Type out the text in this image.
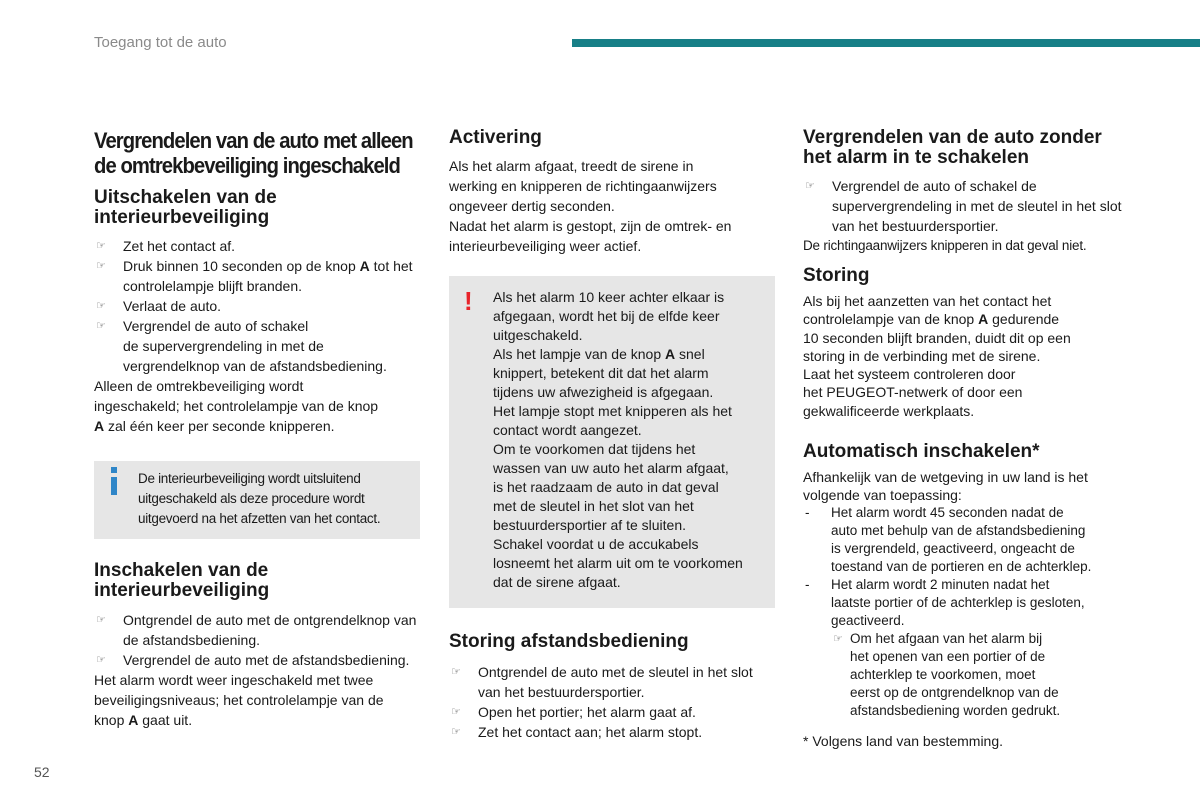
Toegang tot de auto
Vergrendelen van de auto met alleen
de omtrekbeveiliging ingeschakeld
Uitschakelen van de
interieurbeveiliging
☞ Zet het contact af.
☞ Druk binnen 10 seconden op de knop A tot het controlelampje blijft branden.
☞ Verlaat de auto.
☞ Vergrendel de auto of schakel
de supervergrendeling in met de
vergrendelknop van de afstandsbediening.

Alleen de omtrekbeveiliging wordt
ingeschakeld; het controlelampje van de knop
A zal één keer per seconde knipperen.

De interieurbeveiliging wordt uitsluitend
uitgeschakeld als deze procedure wordt
uitgevoerd na het afzetten van het contact.
Inschakelen van de
interieurbeveiliging
☞ Ontgrendel de auto met de ontgrendelknop van de afstandsbediening.
☞ Vergrendel de auto met de afstandsbediening.

Het alarm wordt weer ingeschakeld met twee
beveiligingsniveaus; het controlelampje van de
knop A gaat uit.

Activering

Als het alarm afgaat, treedt de sirene in
werking en knipperen de richtingaanwijzers
ongeveer dertig seconden.
Nadat het alarm is gestopt, zijn de omtrek- en
interieurbeveiliging weer actief.

! Als het alarm 10 keer achter elkaar is
afgegaan, wordt het bij de elfde keer
uitgeschakeld.
Als het lampje van de knop A snel
knippert, betekent dit dat het alarm
tijdens uw afwezigheid is afgegaan.
Het lampje stopt met knipperen als het
contact wordt aangezet.
Om te voorkomen dat tijdens het
wassen van uw auto het alarm afgaat,
is het raadzaam de auto in dat geval
met de sleutel in het slot van het
bestuurdersportier af te sluiten.
Schakel voordat u de accukabels
losneemt het alarm uit om te voorkomen
dat de sirene afgaat.
Storing afstandsbediening
☞ Ontgrendel de auto met de sleutel in het slot van het bestuurdersportier.
☞ Open het portier; het alarm gaat af.
☞ Zet het contact aan; het alarm stopt.
Vergrendelen van de auto zonder
het alarm in te schakelen
☞ Vergrendel de auto of schakel de supervergrendeling in met de sleutel in het slot van het bestuurdersportier.

De richtingaanwijzers knipperen in dat geval niet.

Storing

Als bij het aanzetten van het contact het
controlelampje van de knop A gedurende
10 seconden blijft branden, duidt dit op een
storing in de verbinding met de sirene.
Laat het systeem controleren door
het PEUGEOT-netwerk of door een
gekwalificeerde werkplaats.

Automatisch inschakelen*

Afhankelijk van de wetgeving in uw land is het
volgende van toepassing:

- Het alarm wordt 45 seconden nadat de
auto met behulp van de afstandsbediening
is vergrendeld, geactiveerd, ongeacht de
toestand van de portieren en de achterklep.
- Het alarm wordt 2 minuten nadat het
laatste portier of de achterklep is gesloten,
geactiveerd.
☞ Om het afgaan van het alarm bij
het openen van een portier of de
achterklep te voorkomen, moet
eerst op de ontgrendelknop van de
afstandsbediening worden gedrukt.

* Volgens land van bestemming.

52
